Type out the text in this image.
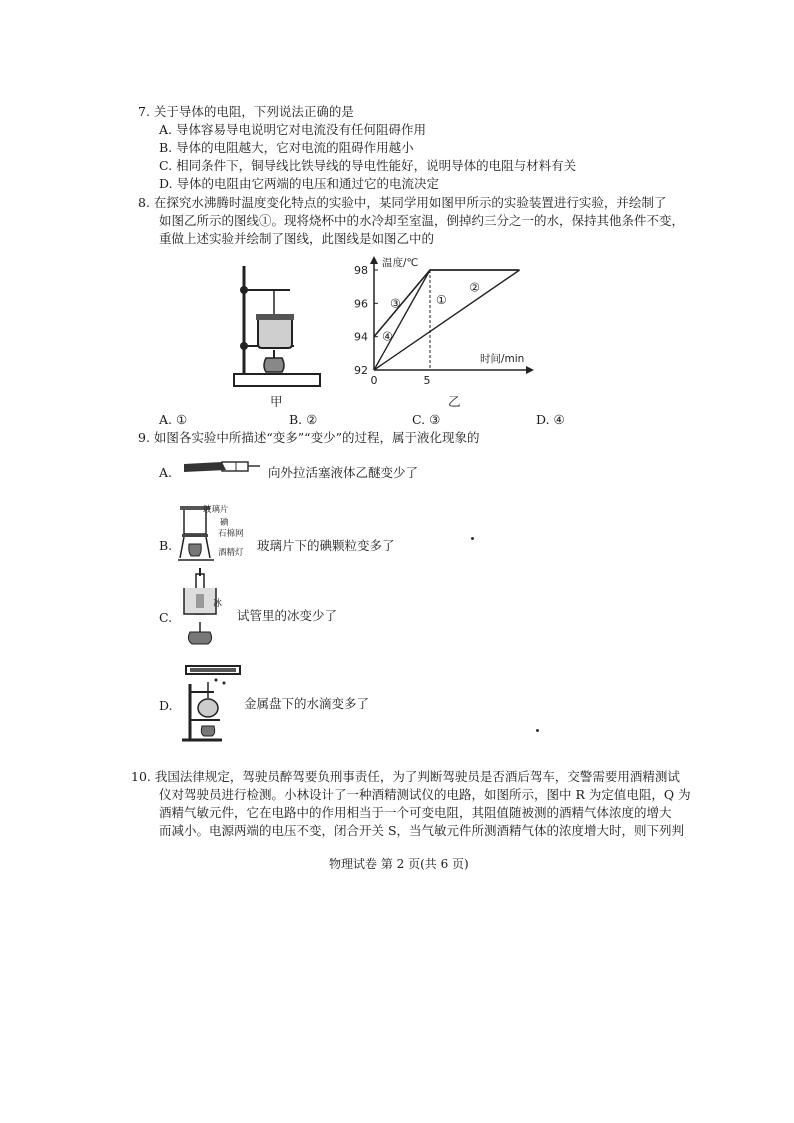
7. 关于导体的电阻，下列说法正确的是
A. 导体容易导电说明它对电流没有任何阻碍作用
B. 导体的电阻越大，它对电流的阻碍作用越小
C. 相同条件下，铜导线比铁导线的导电性能好，说明导体的电阻与材料有关
D. 导体的电阻由它两端的电压和通过它的电流决定
8. 在探究水沸腾时温度变化特点的实验中，某同学用如图甲所示的实验装置进行实验，并绘制了
如图乙所示的图线①。现将烧杯中的水冷却至室温，倒掉约三分之一的水，保持其他条件不变，
重做上述实验并绘制了图线，此图线是如图乙中的
甲
92
94
96
98
0	5
温度/℃
时间/min
③	①
②
④
乙
A. ①	B. ②	C. ③	D. ④
9. 如图各实验中所描述“变多”“变少”的过程，属于液化现象的
A.	向外拉活塞液体乙醚变少了
B.
玻璃片
碘
石棉网
酒精灯 玻璃片下的碘颗粒变多了
C.
冰
试管里的冰变少了
D.	金属盘下的水滴变多了
10. 我国法律规定，驾驶员醉驾要负刑事责任，为了判断驾驶员是否酒后驾车，交警需要用酒精测试
仪对驾驶员进行检测。小林设计了一种酒精测试仪的电路，如图所示，图中 R 为定值电阻，Q 为
酒精气敏元件，它在电路中的作用相当于一个可变电阻，其阻值随被测的酒精气体浓度的增大
而减小。电源两端的电压不变，闭合开关 S，当气敏元件所测酒精气体的浓度增大时，则下列判
物理试卷 第 2 页(共 6 页)
